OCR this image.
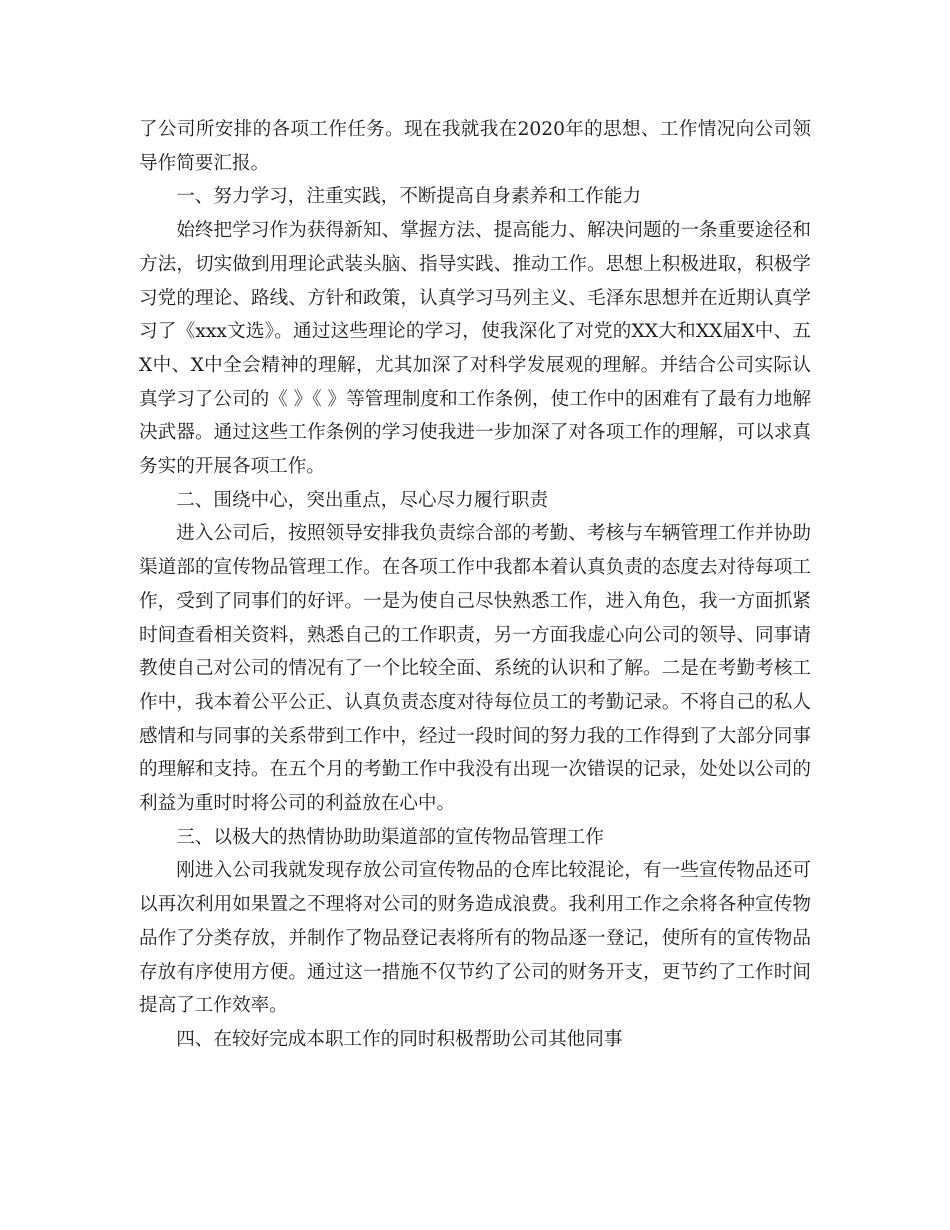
了公司所安排的各项工作任务。现在我就我在2020年的思想、工作情况向公司领导作简要汇报。

一、努力学习，注重实践，不断提高自身素养和工作能力

始终把学习作为获得新知、掌握方法、提高能力、解决问题的一条重要途径和方法，切实做到用理论武装头脑、指导实践、推动工作。思想上积极进取，积极学习党的理论、路线、方针和政策，认真学习马列主义、毛泽东思想并在近期认真学习了《xxx文选》。通过这些理论的学习，使我深化了对党的XX大和XX届X中、五X中、X中全会精神的理解，尤其加深了对科学发展观的理解。并结合公司实际认真学习了公司的《 》《 》等管理制度和工作条例，使工作中的困难有了最有力地解决武器。通过这些工作条例的学习使我进一步加深了对各项工作的理解，可以求真务实的开展各项工作。

二、围绕中心，突出重点，尽心尽力履行职责

进入公司后，按照领导安排我负责综合部的考勤、考核与车辆管理工作并协助渠道部的宣传物品管理工作。在各项工作中我都本着认真负责的态度去对待每项工作，受到了同事们的好评。一是为使自己尽快熟悉工作，进入角色，我一方面抓紧时间查看相关资料，熟悉自己的工作职责，另一方面我虚心向公司的领导、同事请教使自己对公司的情况有了一个比较全面、系统的认识和了解。二是在考勤考核工作中，我本着公平公正、认真负责态度对待每位员工的考勤记录。不将自己的私人感情和与同事的关系带到工作中，经过一段时间的努力我的工作得到了大部分同事的理解和支持。在五个月的考勤工作中我没有出现一次错误的记录，处处以公司的利益为重时时将公司的利益放在心中。

三、以极大的热情协助助渠道部的宣传物品管理工作

刚进入公司我就发现存放公司宣传物品的仓库比较混论，有一些宣传物品还可以再次利用如果置之不理将对公司的财务造成浪费。我利用工作之余将各种宣传物品作了分类存放，并制作了物品登记表将所有的物品逐一登记，使所有的宣传物品存放有序使用方便。通过这一措施不仅节约了公司的财务开支，更节约了工作时间提高了工作效率。

四、在较好完成本职工作的同时积极帮助公司其他同事
